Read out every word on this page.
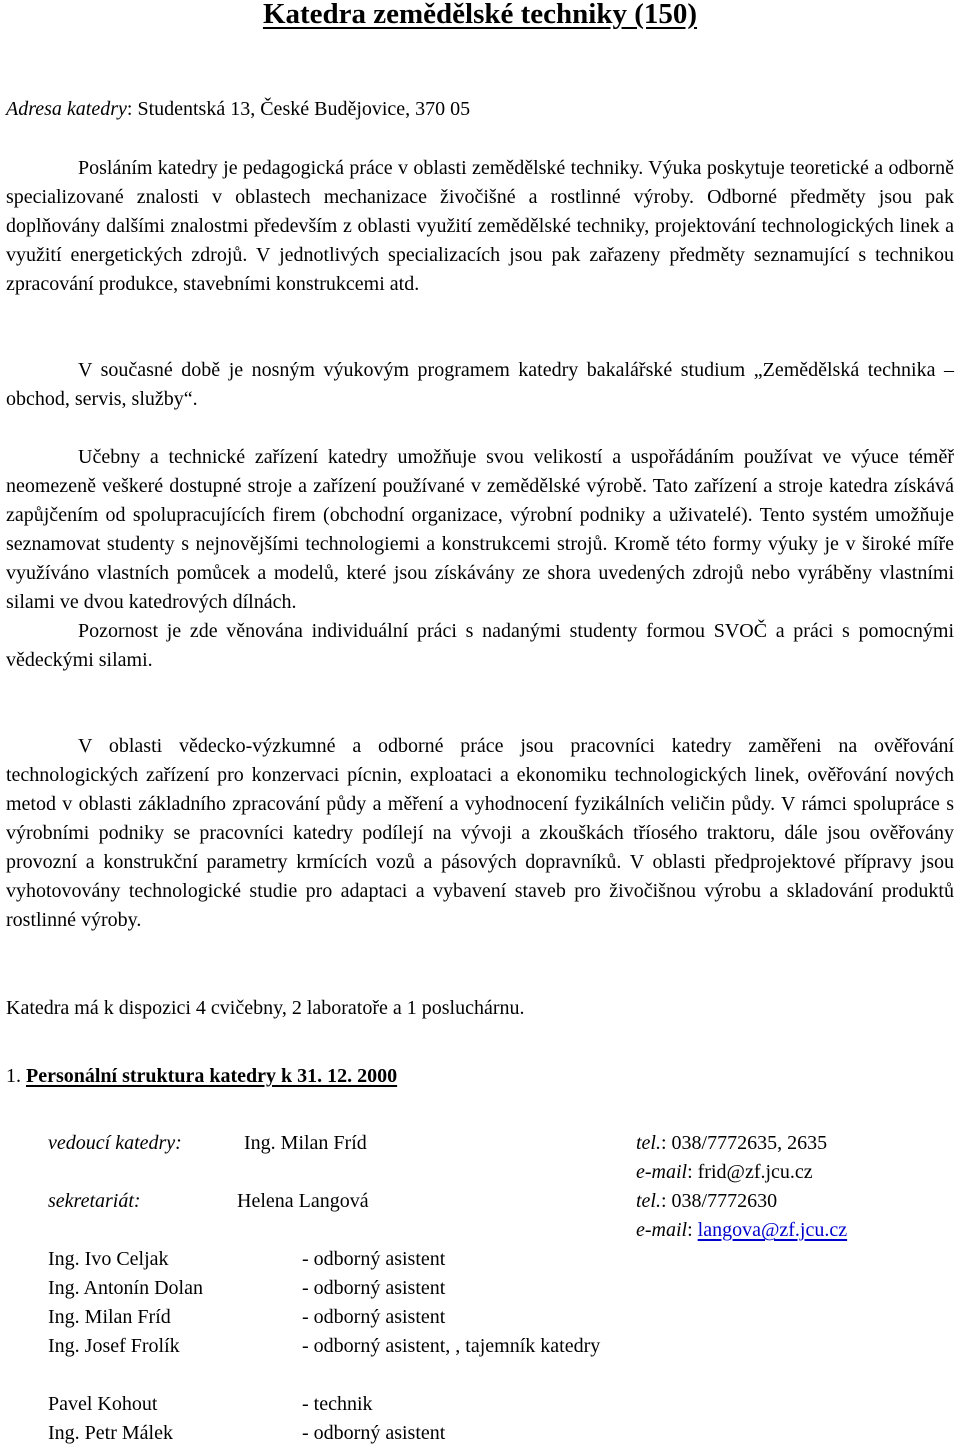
Katedra zemědělské techniky (150)
Adresa katedry: Studentská 13, České Budějovice, 370 05

Posláním katedry je pedagogická práce v oblasti zemědělské techniky. Výuka poskytuje teoretické a odborně specializované znalosti v oblastech mechanizace živočišné a rostlinné výroby. Odborné předměty jsou pak doplňovány dalšími znalostmi především z oblasti využití zemědělské techniky, projektování technologických linek a využití energetických zdrojů. V jednotlivých specializacích jsou pak zařazeny předměty seznamující s technikou zpracování produkce, stavebními konstrukcemi atd.

V současné době je nosným výukovým programem katedry bakalářské studium „Zemědělská technika – obchod, servis, služby“.

Učebny a technické zařízení katedry umožňuje svou velikostí a uspořádáním používat ve výuce téměř neomezeně veškeré dostupné stroje a zařízení používané v zemědělské výrobě. Tato zařízení a stroje katedra získává zapůjčením od spolupracujících firem (obchodní organizace, výrobní podniky a uživatelé). Tento systém umožňuje seznamovat studenty s nejnovějšími technologiemi a konstrukcemi strojů. Kromě této formy výuky je v široké míře využíváno vlastních pomůcek a modelů, které jsou získávány ze shora uvedených zdrojů nebo vyráběny vlastními silami ve dvou katedrových dílnách.
Pozornost je zde věnována individuální práci s nadanými studenty formou SVOČ a práci s pomocnými vědeckými silami.

V oblasti vědecko-výzkumné a odborné práce jsou pracovníci katedry zaměřeni na ověřování technologických zařízení pro konzervaci pícnin, exploataci a ekonomiku technologických linek, ověřování nových metod v oblasti základního zpracování půdy a měření a vyhodnocení fyzikálních veličin půdy. V rámci spolupráce s výrobními podniky se pracovníci katedry podílejí na vývoji a zkouškách tříosého traktoru, dále jsou ověřovány provozní a konstrukční parametry krmících vozů a pásových dopravníků. V oblasti předprojektové přípravy jsou vyhotovovány technologické studie pro adaptaci a vybavení staveb pro živočišnou výrobu a skladování produktů rostlinné výroby.

Katedra má k dispozici 4 cvičebny, 2 laboratoře a 1 posluchárnu.

1. Personální struktura katedry k 31. 12. 2000
vedoucí katedry:	Ing. Milan Fríd	tel.: 038/7772635, 2635
e-mail: frid@zf.jcu.cz
sekretariát:	Helena Langová	tel.: 038/7772630
e-mail: langova@zf.jcu.cz
Ing. Ivo Celjak	- odborný asistent
Ing. Antonín Dolan	- odborný asistent
Ing. Milan Fríd	- odborný asistent
Ing. Josef Frolík	- odborný asistent, , tajemník katedry
Pavel Kohout	- technik
Ing. Petr Málek	- odborný asistent
